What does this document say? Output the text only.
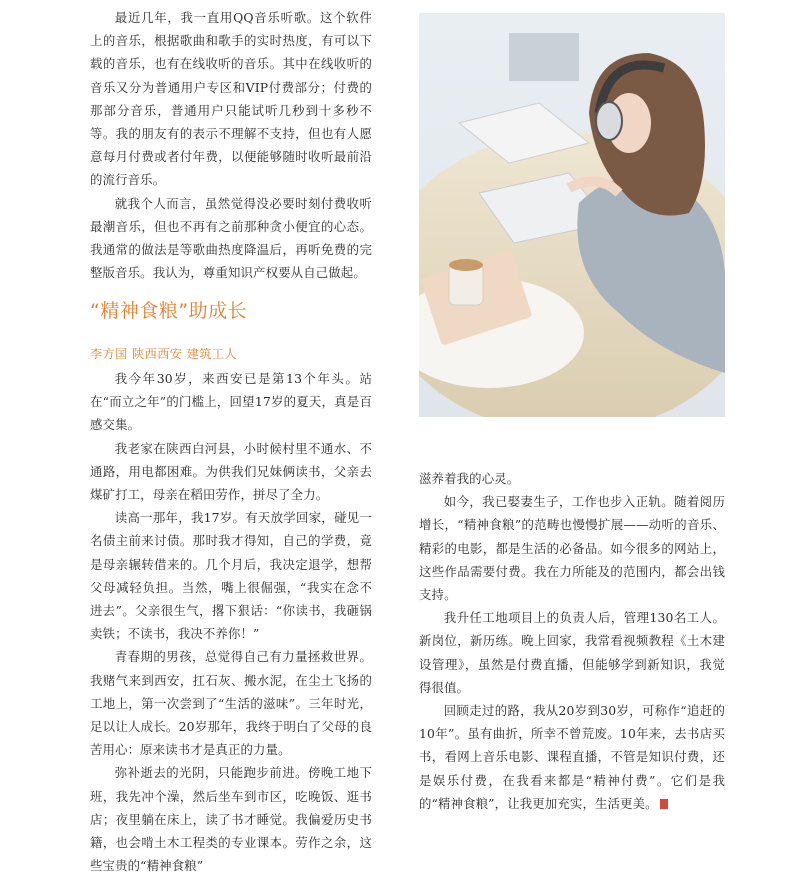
最近几年，我一直用QQ音乐听歌。这个软件上的音乐，根据歌曲和歌手的实时热度，有可以下载的音乐，也有在线收听的音乐。其中在线收听的音乐又分为普通用户专区和VIP付费部分；付费的那部分音乐，普通用户只能试听几秒到十多秒不等。我的朋友有的表示不理解不支持，但也有人愿意每月付费或者付年费，以便能够随时收听最前沿的流行音乐。

就我个人而言，虽然觉得没必要时刻付费收听最潮音乐，但也不再有之前那种贪小便宜的心态。我通常的做法是等歌曲热度降温后，再听免费的完整版音乐。我认为，尊重知识产权要从自己做起。

“精神食粮”助成长
李方国 陕西西安 建筑工人

我今年30岁，来西安已是第13个年头。站在“而立之年”的门槛上，回望17岁的夏天，真是百感交集。

我老家在陕西白河县，小时候村里不通水、不通路，用电都困难。为供我们兄妹俩读书，父亲去煤矿打工，母亲在稻田劳作，拼尽了全力。

读高一那年，我17岁。有天放学回家，碰见一名债主前来讨债。那时我才得知，自己的学费，竟是母亲辗转借来的。几个月后，我决定退学，想帮父母减轻负担。当然，嘴上很倔强，“我实在念不进去”。父亲很生气，撂下狠话：“你读书，我砸锅卖铁；不读书，我决不养你！”

青春期的男孩，总觉得自己有力量拯救世界。我赌气来到西安，扛石灰、搬水泥，在尘土飞扬的工地上，第一次尝到了“生活的滋味”。三年时光，足以让人成长。20岁那年，我终于明白了父母的良苦用心：原来读书才是真正的力量。

弥补逝去的光阴，只能跑步前进。傍晚工地下班，我先冲个澡，然后坐车到市区，吃晚饭、逛书店；夜里躺在床上，读了书才睡觉。我偏爱历史书籍，也会啃土木工程类的专业课本。劳作之余，这些宝贵的“精神食粮”

滋养着我的心灵。

如今，我已娶妻生子，工作也步入正轨。随着阅历增长，“精神食粮”的范畴也慢慢扩展——动听的音乐、精彩的电影，都是生活的必备品。如今很多的网站上，这些作品需要付费。我在力所能及的范围内，都会出钱支持。

我升任工地项目上的负责人后，管理130名工人。新岗位，新历练。晚上回家，我常看视频教程《土木建设管理》，虽然是付费直播，但能够学到新知识，我觉得很值。

回顾走过的路，我从20岁到30岁，可称作“追赶的10年”。虽有曲折，所幸不曾荒废。10年来，去书店买书，看网上音乐电影、课程直播，不管是知识付费，还是娱乐付费，在我看来都是“精神付费”。它们是我的“精神食粮”，让我更加充实，生活更美。
